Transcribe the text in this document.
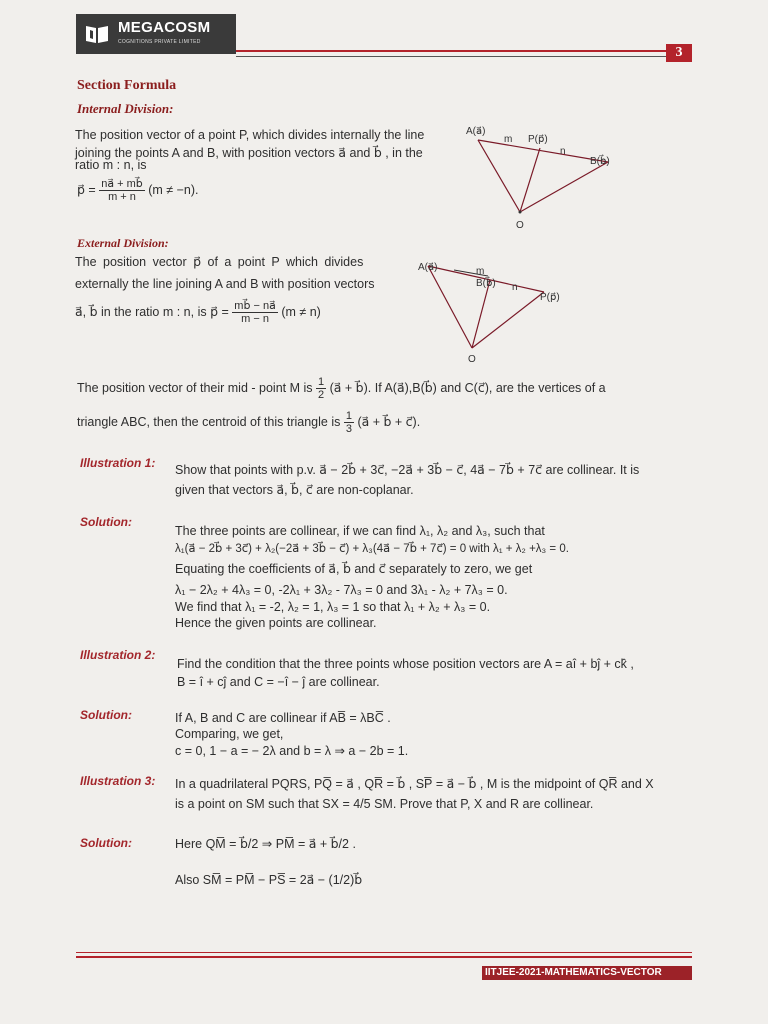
MEGACOSM
COGNITIONS PRIVATE LIMITED
3
Section Formula
Internal Division:
The position vector of a point P, which divides internally the line
joining the points A and B, with position vectors a⃗ and b⃗ , in the
ratio m : n, is
p⃗ = $\frac{na⃗ + mb⃗}{m + n} (m \ne -n)$.
A(a⃗)
m P(p⃗)
n
B(b⃗)
O
External Division:
The position vector p⃗ of a point P which divides
externally the line joining A and B with position vectors
a⃗, b⃗ in the ratio m : n, is p⃗ = $\frac{mb⃗ - na⃗}{m - n} (m \ne n)$
A(a⃗)	m
B(b⃗) n
P(p⃗)
O
The position vector of their mid - point M is $\frac{1}{2}$ (a⃗ + b⃗). If A(a⃗),B(b⃗) and C(c⃗), are the vertices of a
triangle ABC, then the centroid of this triangle is $\frac{1}{3}$ (a⃗ + b⃗ + c⃗).
Illustration 1: Show that points with p.v. a⃗ − 2b⃗ + 3c⃗, −2a⃗ + 3b⃗ − c⃗, 4a⃗ − 7b⃗ + 7c⃗ are collinear. It is
given that vectors a⃗, b⃗, c⃗ are non-coplanar.
Solution:
The three points are collinear, if we can find λ₁, λ₂ and λ₃, such that
λ₁(a⃗ − 2b⃗ + 3c⃗) + λ₂(−2a⃗ + 3b⃗ − c⃗) + λ₃(4a⃗ − 7b⃗ + 7c⃗) = 0 with λ₁ + λ₂ +λ₃ = 0.
Equating the coefficients of a⃗, b⃗ and c⃗ separately to zero, we get
λ₁ − 2λ₂ + 4λ₃ = 0, -2λ₁ + 3λ₂ - 7λ₃ = 0 and 3λ₁ - λ₂ + 7λ₃ = 0.
We find that λ₁ = -2, λ₂ = 1, λ₃ = 1 so that λ₁ + λ₂ + λ₃ = 0.
Hence the given points are collinear.
Illustration 2:
Find the condition that the three points whose position vectors are A = aî + bĵ + ck̂ ,
B = î + cĵ and C = −î − ĵ are collinear.
Solution:	If A, B and C are collinear if AB̅ = λBC̅ .
Comparing, we get,
c = 0, 1 − a = − 2λ and b = λ ⇒ a − 2b = 1.
Illustration 3: In a quadrilateral PQRS, PQ̅ = a⃗ , QR̅ = b⃗ , SP̅ = a⃗ − b⃗ , M is the midpoint of QR̅ and X
is a point on SM such that SX = 4/5 SM. Prove that P, X and R are collinear.
Solution:	Here QM̅ = b⃗/2 ⇒ PM̅ = a⃗ + b⃗/2 .
Also SM̅ = PM̅ − PS̅ = 2a⃗ − (1/2)b⃗
IITJEE-2021-MATHEMATICS-VECTOR
